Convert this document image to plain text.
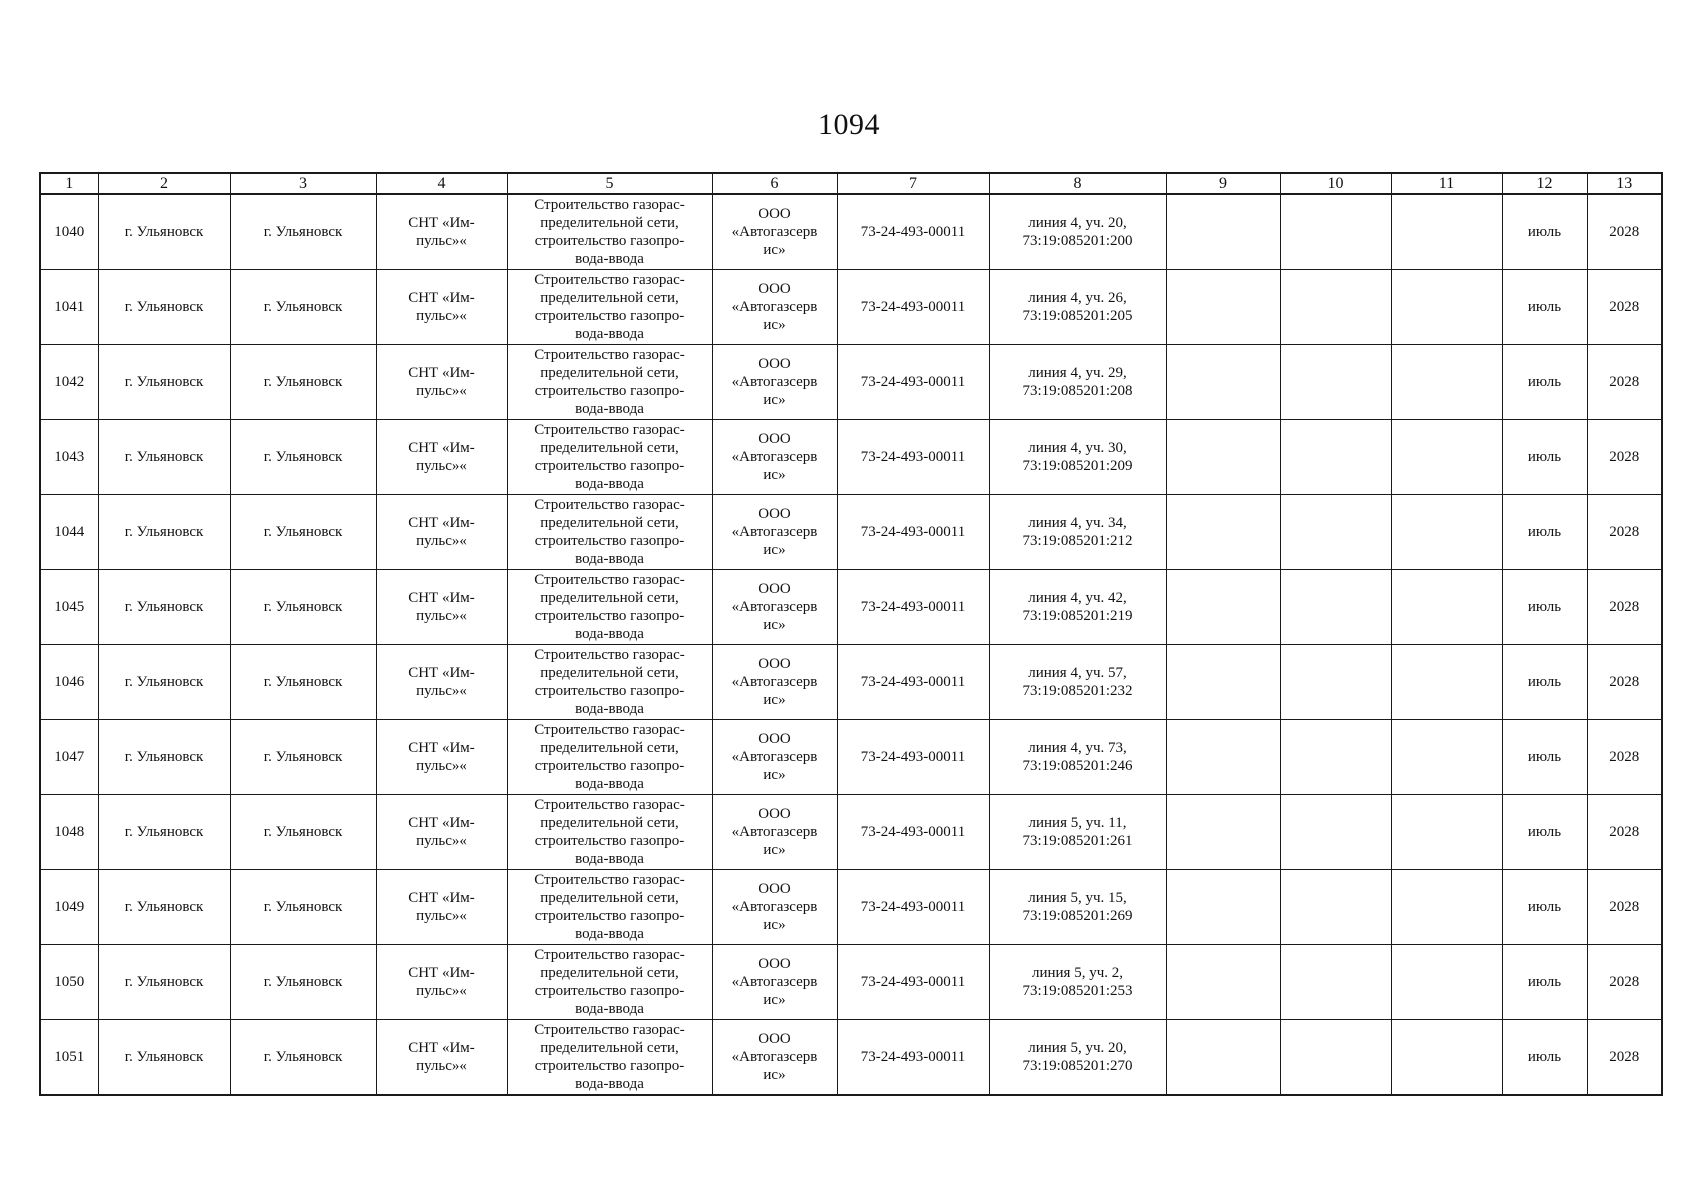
1094
1	2	3	4	5	6	7	8	9	10	11	12	13
1040	г. Ульяновск	г. Ульяновск	СНТ «Им-
пульс»«	Строительство газорас-
пределительной сети,
строительство газопро-
вода-ввода	ООО
«Автогазсерв
ис»	73-24-493-00011	линия 4, уч. 20,
73:19:085201:200				июль	2028
1041	г. Ульяновск	г. Ульяновск	СНТ «Им-
пульс»«	Строительство газорас-
пределительной сети,
строительство газопро-
вода-ввода	ООО
«Автогазсерв
ис»	73-24-493-00011	линия 4, уч. 26,
73:19:085201:205				июль	2028
1042	г. Ульяновск	г. Ульяновск	СНТ «Им-
пульс»«	Строительство газорас-
пределительной сети,
строительство газопро-
вода-ввода	ООО
«Автогазсерв
ис»	73-24-493-00011	линия 4, уч. 29,
73:19:085201:208				июль	2028
1043	г. Ульяновск	г. Ульяновск	СНТ «Им-
пульс»«	Строительство газорас-
пределительной сети,
строительство газопро-
вода-ввода	ООО
«Автогазсерв
ис»	73-24-493-00011	линия 4, уч. 30,
73:19:085201:209				июль	2028
1044	г. Ульяновск	г. Ульяновск	СНТ «Им-
пульс»«	Строительство газорас-
пределительной сети,
строительство газопро-
вода-ввода	ООО
«Автогазсерв
ис»	73-24-493-00011	линия 4, уч. 34,
73:19:085201:212				июль	2028
1045	г. Ульяновск	г. Ульяновск	СНТ «Им-
пульс»«	Строительство газорас-
пределительной сети,
строительство газопро-
вода-ввода	ООО
«Автогазсерв
ис»	73-24-493-00011	линия 4, уч. 42,
73:19:085201:219				июль	2028
1046	г. Ульяновск	г. Ульяновск	СНТ «Им-
пульс»«	Строительство газорас-
пределительной сети,
строительство газопро-
вода-ввода	ООО
«Автогазсерв
ис»	73-24-493-00011	линия 4, уч. 57,
73:19:085201:232				июль	2028
1047	г. Ульяновск	г. Ульяновск	СНТ «Им-
пульс»«	Строительство газорас-
пределительной сети,
строительство газопро-
вода-ввода	ООО
«Автогазсерв
ис»	73-24-493-00011	линия 4, уч. 73,
73:19:085201:246				июль	2028
1048	г. Ульяновск	г. Ульяновск	СНТ «Им-
пульс»«	Строительство газорас-
пределительной сети,
строительство газопро-
вода-ввода	ООО
«Автогазсерв
ис»	73-24-493-00011	линия 5, уч. 11,
73:19:085201:261				июль	2028
1049	г. Ульяновск	г. Ульяновск	СНТ «Им-
пульс»«	Строительство газорас-
пределительной сети,
строительство газопро-
вода-ввода	ООО
«Автогазсерв
ис»	73-24-493-00011	линия 5, уч. 15,
73:19:085201:269				июль	2028
1050	г. Ульяновск	г. Ульяновск	СНТ «Им-
пульс»«	Строительство газорас-
пределительной сети,
строительство газопро-
вода-ввода	ООО
«Автогазсерв
ис»	73-24-493-00011	линия 5, уч. 2,
73:19:085201:253				июль	2028
1051	г. Ульяновск	г. Ульяновск	СНТ «Им-
пульс»«	Строительство газорас-
пределительной сети,
строительство газопро-
вода-ввода	ООО
«Автогазсерв
ис»	73-24-493-00011	линия 5, уч. 20,
73:19:085201:270				июль	2028
